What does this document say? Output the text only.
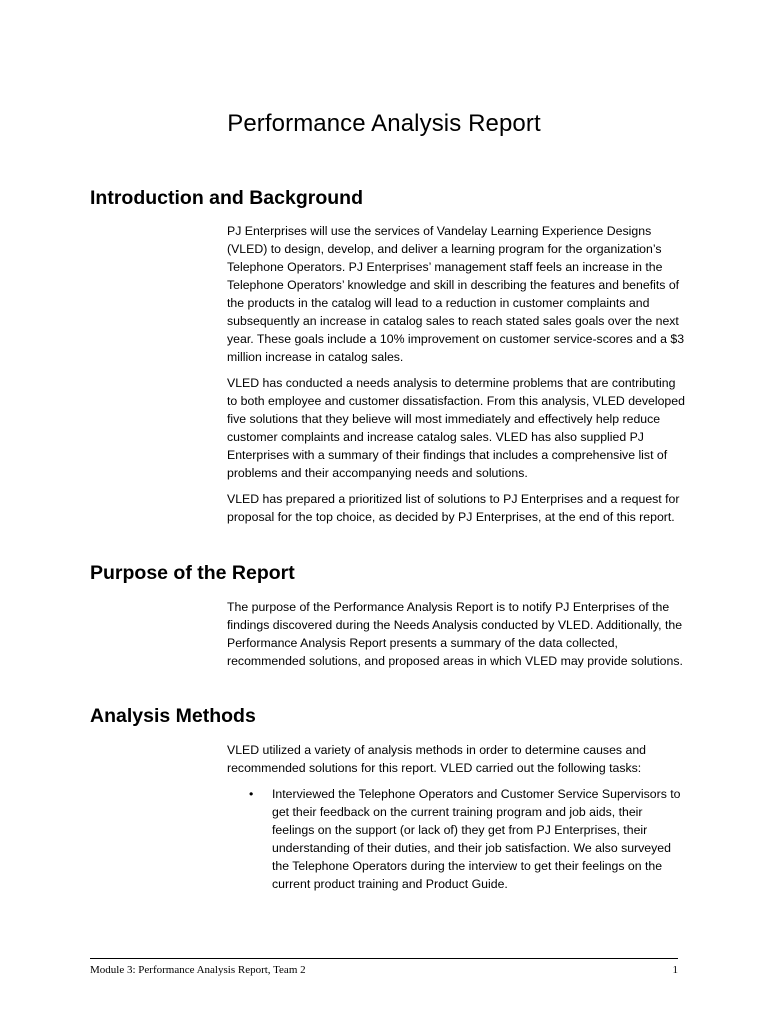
Performance Analysis Report
Introduction and Background

PJ Enterprises will use the services of Vandelay Learning Experience Designs (VLED) to design, develop, and deliver a learning program for the organization’s Telephone Operators. PJ Enterprises’ management staff feels an increase in the Telephone Operators’ knowledge and skill in describing the features and benefits of the products in the catalog will lead to a reduction in customer complaints and subsequently an increase in catalog sales to reach stated sales goals over the next year. These goals include a 10% improvement on customer service-scores and a $3 million increase in catalog sales.

VLED has conducted a needs analysis to determine problems that are contributing to both employee and customer dissatisfaction. From this analysis, VLED developed five solutions that they believe will most immediately and effectively help reduce customer complaints and increase catalog sales. VLED has also supplied PJ Enterprises with a summary of their findings that includes a comprehensive list of problems and their accompanying needs and solutions.

VLED has prepared a prioritized list of solutions to PJ Enterprises and a request for proposal for the top choice, as decided by PJ Enterprises, at the end of this report.

Purpose of the Report

The purpose of the Performance Analysis Report is to notify PJ Enterprises of the findings discovered during the Needs Analysis conducted by VLED. Additionally, the Performance Analysis Report presents a summary of the data collected, recommended solutions, and proposed areas in which VLED may provide solutions.

Analysis Methods

VLED utilized a variety of analysis methods in order to determine causes and recommended solutions for this report. VLED carried out the following tasks:

• Interviewed the Telephone Operators and Customer Service Supervisors to get their feedback on the current training program and job aids, their feelings on the support (or lack of) they get from PJ Enterprises, their understanding of their duties, and their job satisfaction. We also surveyed the Telephone Operators during the interview to get their feelings on the current product training and Product Guide.
Module 3: Performance Analysis Report, Team 2	1
